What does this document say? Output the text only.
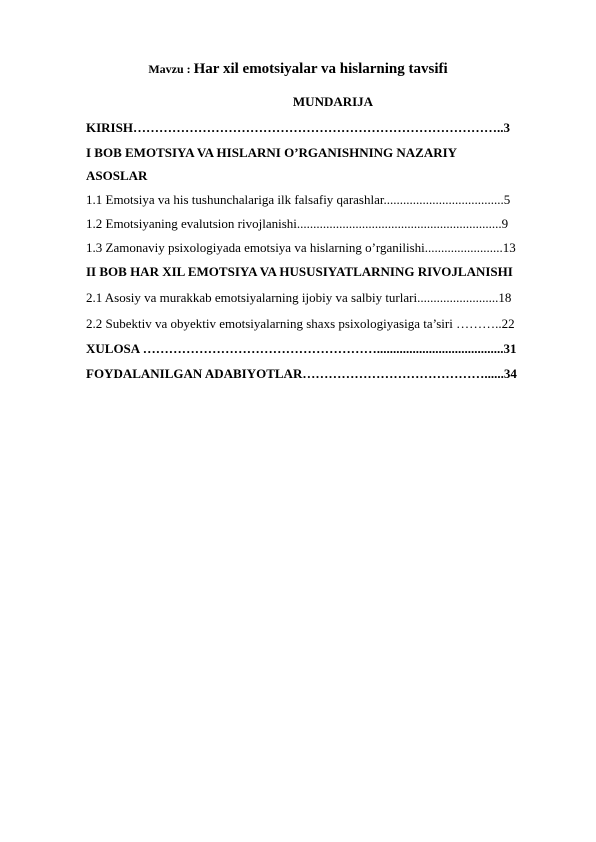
Mavzu : Har xil emotsiyalar va hislarning tavsifi
MUNDARIJA
KIRISH…………………………………………………………………………..3
I BOB EMOTSIYA VA HISLARNI O’RGANISHNING NAZARIY
ASOSLAR
1.1 Emotsiya va his tushunchalariga ilk falsafiy qarashlar.....................................5
1.2 Emotsiyaning evalutsion rivojlanishi...............................................................9
1.3 Zamonaviy psixologiyada emotsiya va hislarning o’rganilishi........................13
II BOB HAR XIL EMOTSIYA VA HUSUSIYATLARNING RIVOJLANISHI
2.1 Asosiy va murakkab emotsiyalarning ijobiy va salbiy turlari.........................18
2.2 Subektiv va obyektiv emotsiyalarning shaxs psixologiyasiga ta’siri ………..22
XULOSA ……………………………………………….......................................31
FOYDALANILGAN ADABIYOTLAR……………………………………......34
